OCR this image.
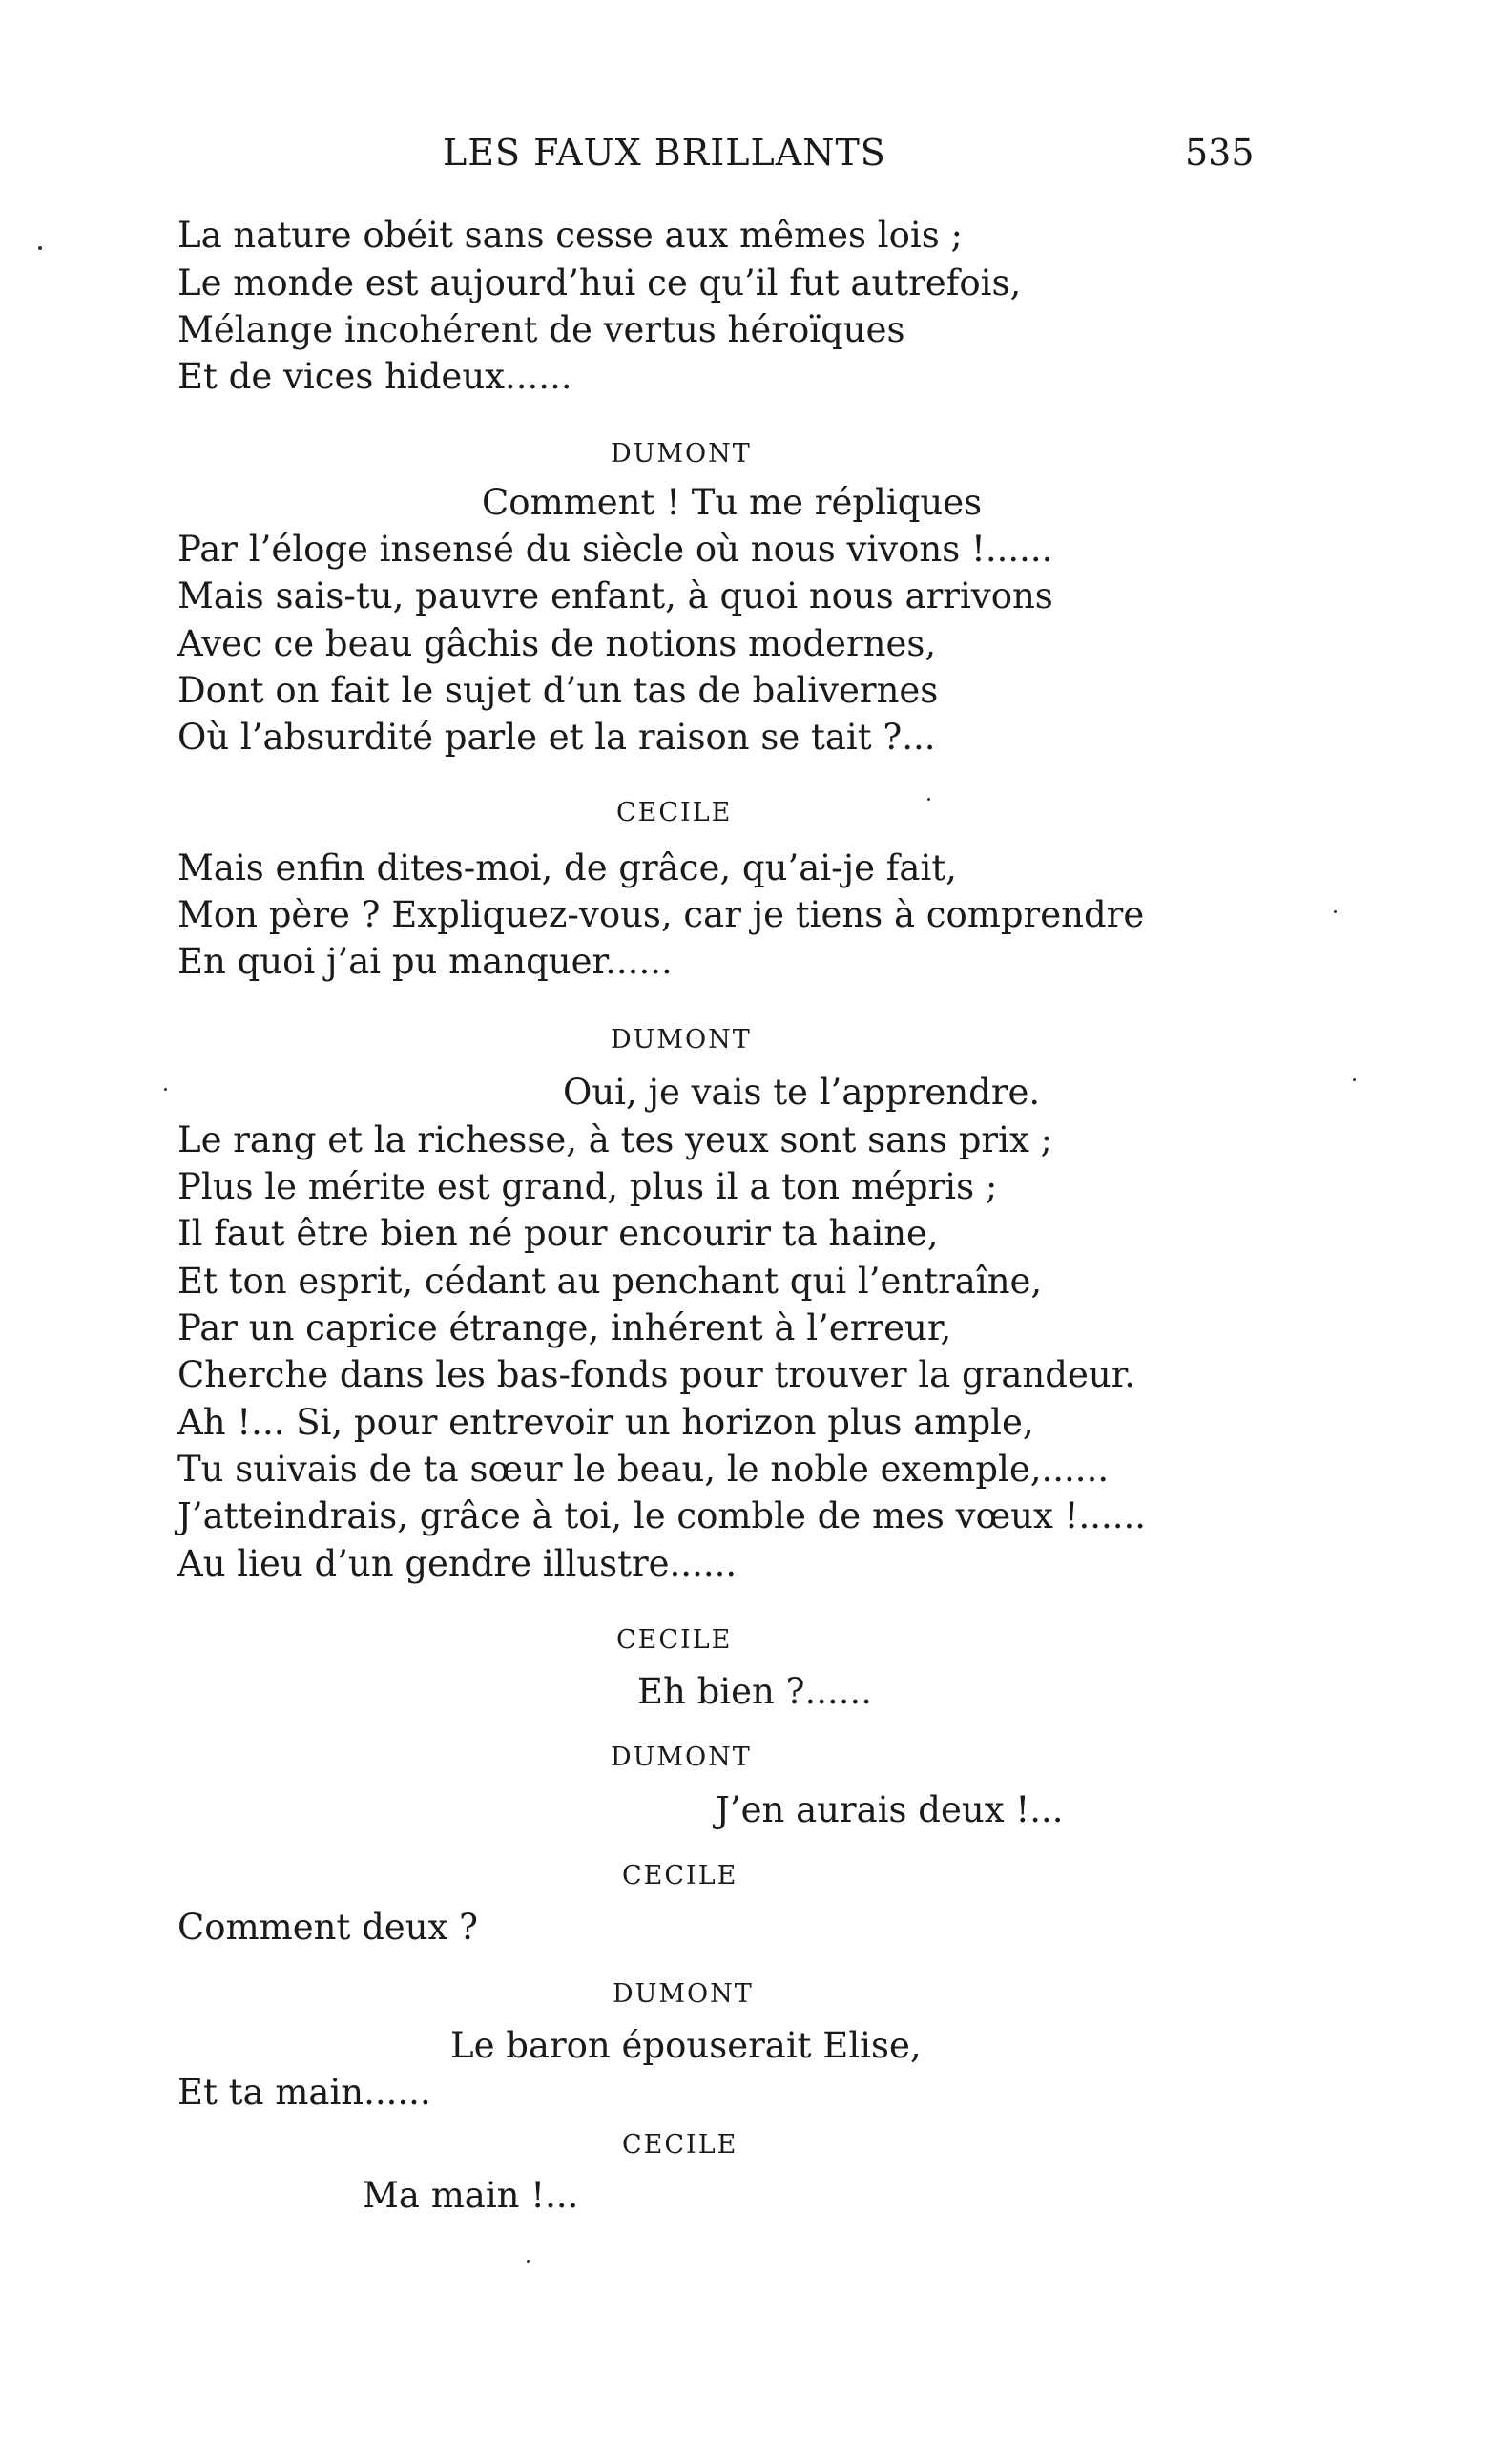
LES FAUX BRILLANTS	535
La nature obéit sans cesse aux mêmes lois ;
Le monde est aujourd’hui ce qu’il fut autrefois,
Mélange incohérent de vertus héroïques
Et de vices hideux......
DUMONT
Comment ! Tu me répliques
Par l’éloge insensé du siècle où nous vivons !......
Mais sais-tu, pauvre enfant, à quoi nous arrivons
Avec ce beau gâchis de notions modernes,
Dont on fait le sujet d’un tas de balivernes
Où l’absurdité parle et la raison se tait ?...
CECILE
Mais enfin dites-moi, de grâce, qu’ai-je fait,
Mon père ? Expliquez-vous, car je tiens à comprendre
En quoi j’ai pu manquer......
DUMONT
Oui, je vais te l’apprendre.
Le rang et la richesse, à tes yeux sont sans prix ;
Plus le mérite est grand, plus il a ton mépris ;
Il faut être bien né pour encourir ta haine,
Et ton esprit, cédant au penchant qui l’entraîne,
Par un caprice étrange, inhérent à l’erreur,
Cherche dans les bas-fonds pour trouver la grandeur.
Ah !... Si, pour entrevoir un horizon plus ample,
Tu suivais de ta sœur le beau, le noble exemple,......
J’atteindrais, grâce à toi, le comble de mes vœux !......
Au lieu d’un gendre illustre......
CECILE
Eh bien ?......
DUMONT
J’en aurais deux !...
CECILE
Comment deux ?
DUMONT
Le baron épouserait Elise,
Et ta main......
CECILE
Ma main !...
